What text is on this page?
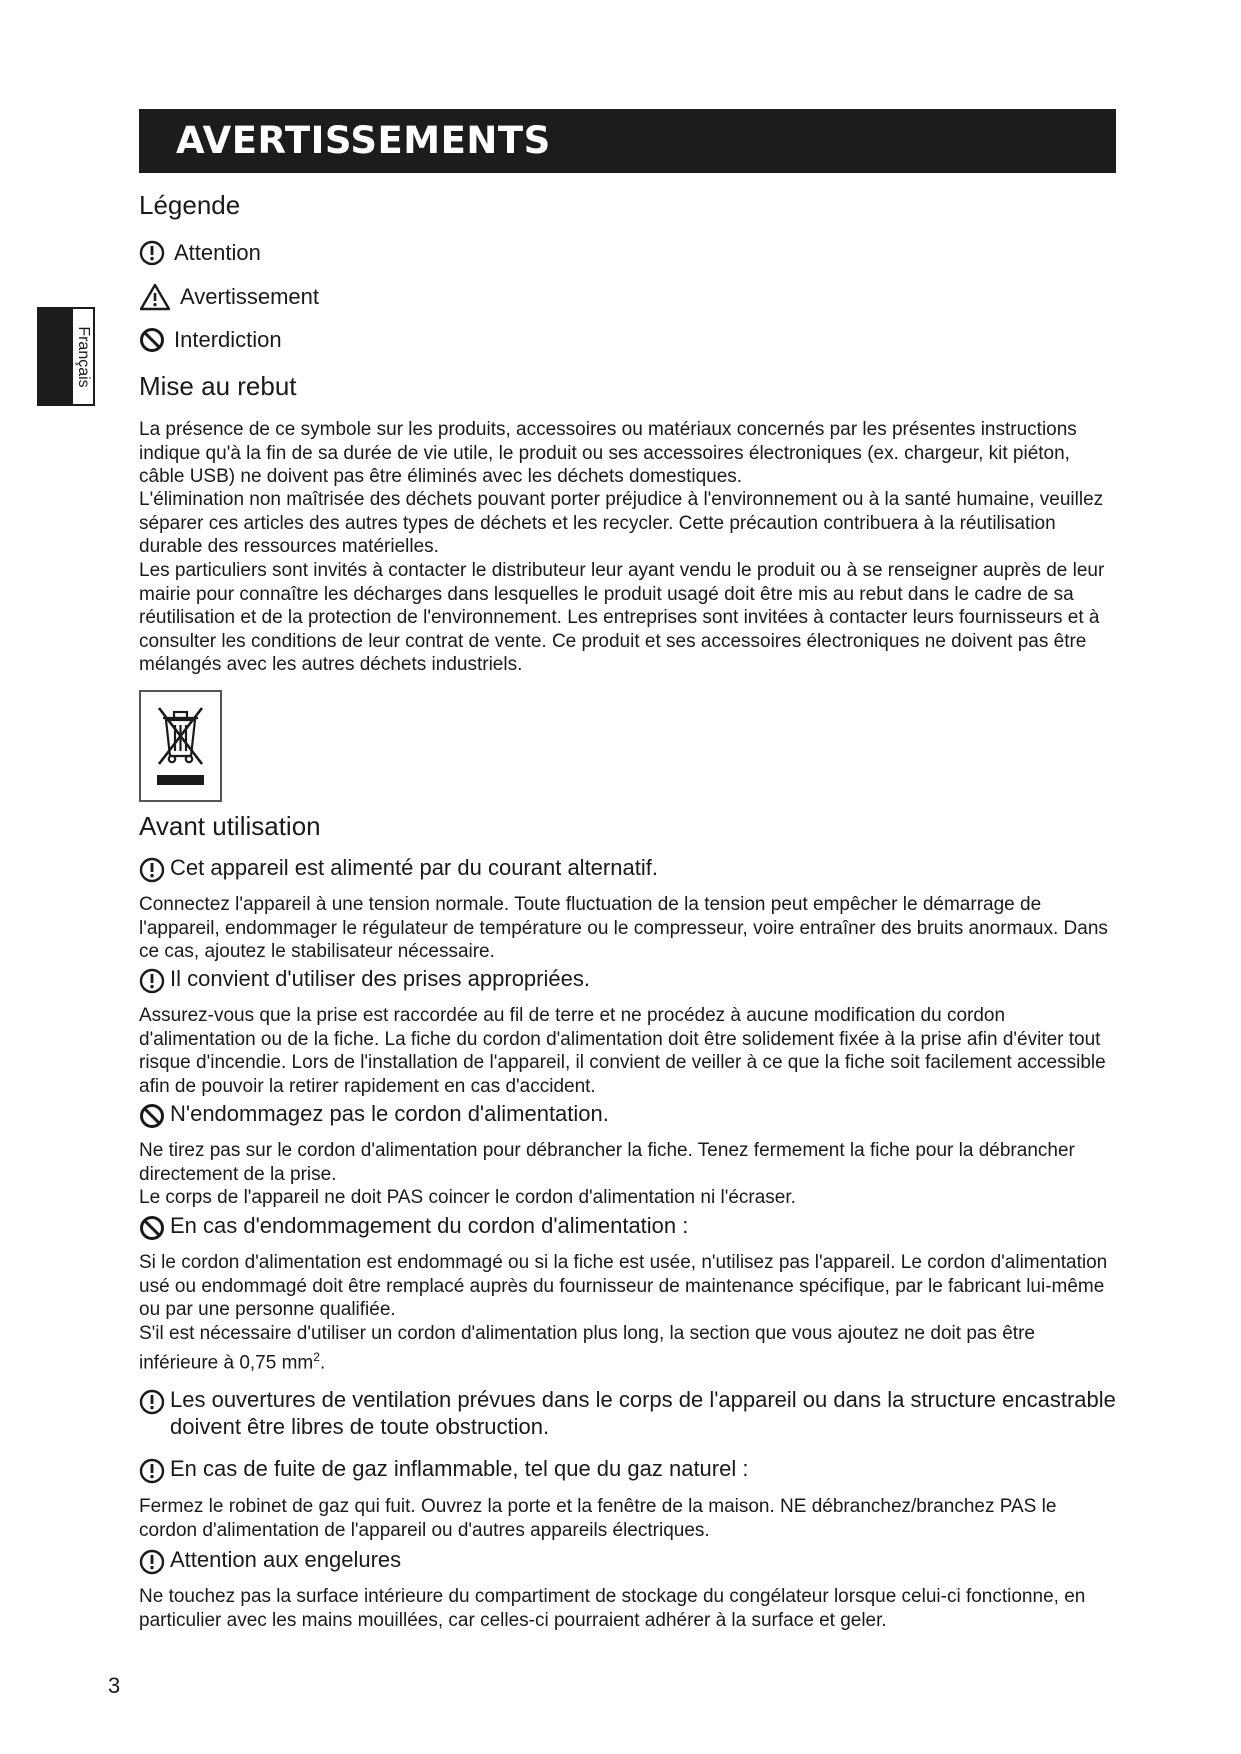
AVERTISSEMENTS
Français
Légende
Attention
Avertissement
Interdiction
Mise au rebut

La présence de ce symbole sur les produits, accessoires ou matériaux concernés par les présentes instructions indique qu'à la fin de sa durée de vie utile, le produit ou ses accessoires électroniques (ex. chargeur, kit piéton, câble USB) ne doivent pas être éliminés avec les déchets domestiques.

L'élimination non maîtrisée des déchets pouvant porter préjudice à l'environnement ou à la santé humaine, veuillez séparer ces articles des autres types de déchets et les recycler. Cette précaution contribuera à la réutilisation durable des ressources matérielles.

Les particuliers sont invités à contacter le distributeur leur ayant vendu le produit ou à se renseigner auprès de leur mairie pour connaître les décharges dans lesquelles le produit usagé doit être mis au rebut dans le cadre de sa réutilisation et de la protection de l'environnement. Les entreprises sont invitées à contacter leurs fournisseurs et à consulter les conditions de leur contrat de vente. Ce produit et ses accessoires électroniques ne doivent pas être mélangés avec les autres déchets industriels.

Avant utilisation
Cet appareil est alimenté par du courant alternatif.

Connectez l'appareil à une tension normale. Toute fluctuation de la tension peut empêcher le démarrage de l'appareil, endommager le régulateur de température ou le compresseur, voire entraîner des bruits anormaux. Dans ce cas, ajoutez le stabilisateur nécessaire.

Il convient d'utiliser des prises appropriées.

Assurez-vous que la prise est raccordée au fil de terre et ne procédez à aucune modification du cordon d'alimentation ou de la fiche. La fiche du cordon d'alimentation doit être solidement fixée à la prise afin d'éviter tout risque d'incendie. Lors de l'installation de l'appareil, il convient de veiller à ce que la fiche soit facilement accessible afin de pouvoir la retirer rapidement en cas d'accident.

N'endommagez pas le cordon d'alimentation.

Ne tirez pas sur le cordon d'alimentation pour débrancher la fiche. Tenez fermement la fiche pour la débrancher directement de la prise.

Le corps de l'appareil ne doit PAS coincer le cordon d'alimentation ni l'écraser.

En cas d'endommagement du cordon d'alimentation :

Si le cordon d'alimentation est endommagé ou si la fiche est usée, n'utilisez pas l'appareil. Le cordon d'alimentation usé ou endommagé doit être remplacé auprès du fournisseur de maintenance spécifique, par le fabricant lui-même ou par une personne qualifiée.

S'il est nécessaire d'utiliser un cordon d'alimentation plus long, la section que vous ajoutez ne doit pas être inférieure à 0,75 $mm^2$.

Les ouvertures de ventilation prévues dans le corps de l'appareil ou dans la structure encastrable doivent être libres de toute obstruction.
En cas de fuite de gaz inflammable, tel que du gaz naturel :

Fermez le robinet de gaz qui fuit. Ouvrez la porte et la fenêtre de la maison. NE débranchez/branchez PAS le cordon d'alimentation de l'appareil ou d'autres appareils électriques.

Attention aux engelures

Ne touchez pas la surface intérieure du compartiment de stockage du congélateur lorsque celui-ci fonctionne, en particulier avec les mains mouillées, car celles-ci pourraient adhérer à la surface et geler.

3
